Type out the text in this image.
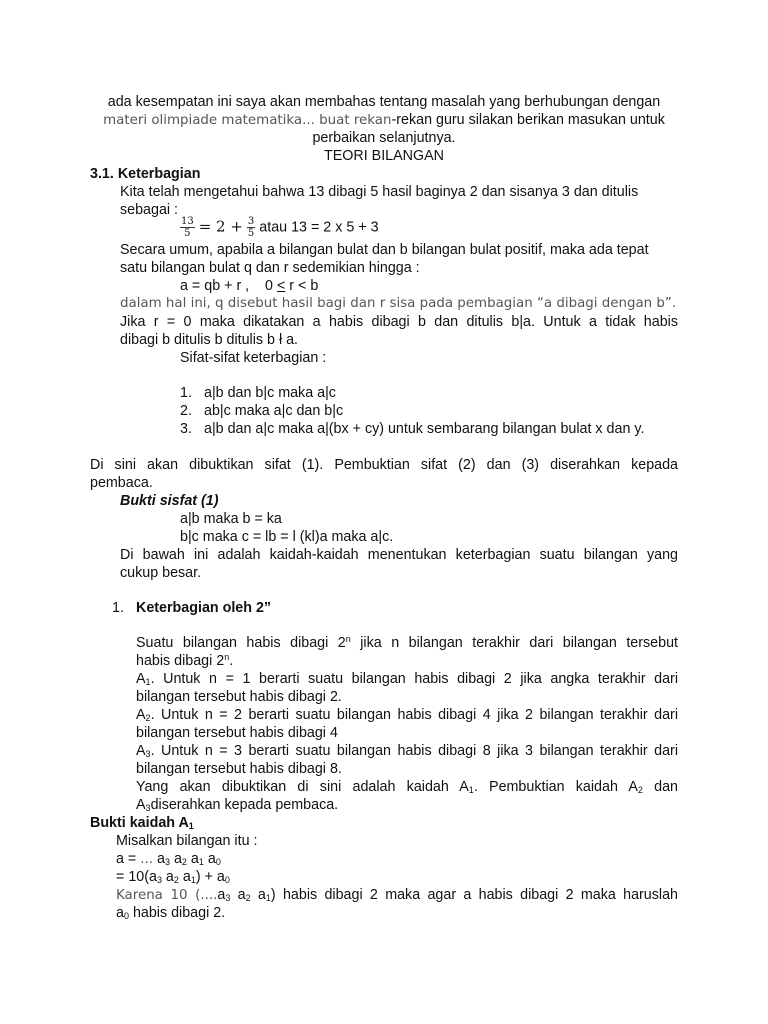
ada kesempatan ini saya akan membahas tentang masalah yang berhubungan dengan
materi olimpiade matematika... buat rekan-rekan guru silakan berikan masukan untuk
perbaikan selanjutnya.
TEORI BILANGAN
3.1. Keterbagian
Kita telah mengetahui bahwa 13 dibagi 5 hasil baginya 2 dan sisanya 3 dan ditulis
sebagai :
$\frac{13}{5} = 2 + \frac{3}{5}$ atau 13 = 2 x 5 + 3
Secara umum, apabila a bilangan bulat dan b bilangan bulat positif, maka ada tepat
satu bilangan bulat q dan r sedemikian hingga :
a = qb + r ,    0 < r < b
dalam hal ini, q disebut hasil bagi dan r sisa pada pembagian “a dibagi dengan b”.
Jika r = 0 maka dikatakan a habis dibagi b dan ditulis b|a. Untuk a tidak habis
dibagi b ditulis b ditulis b ł a.
Sifat-sifat keterbagian :
1. a|b dan b|c maka a|c
2. ab|c maka a|c dan b|c
3. a|b dan a|c maka a|(bx + cy) untuk sembarang bilangan bulat x dan y.
Di sini akan dibuktikan sifat (1). Pembuktian sifat (2) dan (3) diserahkan kepada
pembaca.
Bukti sisfat (1)
a|b maka b = ka
b|c maka c = lb = l (kl)a maka a|c.
Di bawah ini adalah kaidah-kaidah menentukan keterbagian suatu bilangan yang
cukup besar.
1. Keterbagian oleh 2”
Suatu bilangan habis dibagi 2$^n$ jika n bilangan terakhir dari bilangan tersebut
habis dibagi 2$^n$.
$A_1$. Untuk n = 1 berarti suatu bilangan habis dibagi 2 jika angka terakhir dari
bilangan tersebut habis dibagi 2.
$A_2$. Untuk n = 2 berarti suatu bilangan habis dibagi 4 jika 2 bilangan terakhir dari
bilangan tersebut habis dibagi 4
$A_3$. Untuk n = 3 berarti suatu bilangan habis dibagi 8 jika 3 bilangan terakhir dari
bilangan tersebut habis dibagi 8.
Yang akan dibuktikan di sini adalah kaidah $A_1$. Pembuktian kaidah $A_2$ dan
$A_3diserahkan$ kepada pembaca.
Bukti kaidah $A_1$
Misalkan bilangan itu :
a = ... $a_3$ $a_2$ $a_1$ $a_0$
= $10(a_3$ $a_2$ $a_1) + a_0$
Karena 10 ($....a_3$ $a_2$ $a_1$) habis dibagi 2 maka agar a habis dibagi 2 maka haruslah
$a_0$ habis dibagi 2.
